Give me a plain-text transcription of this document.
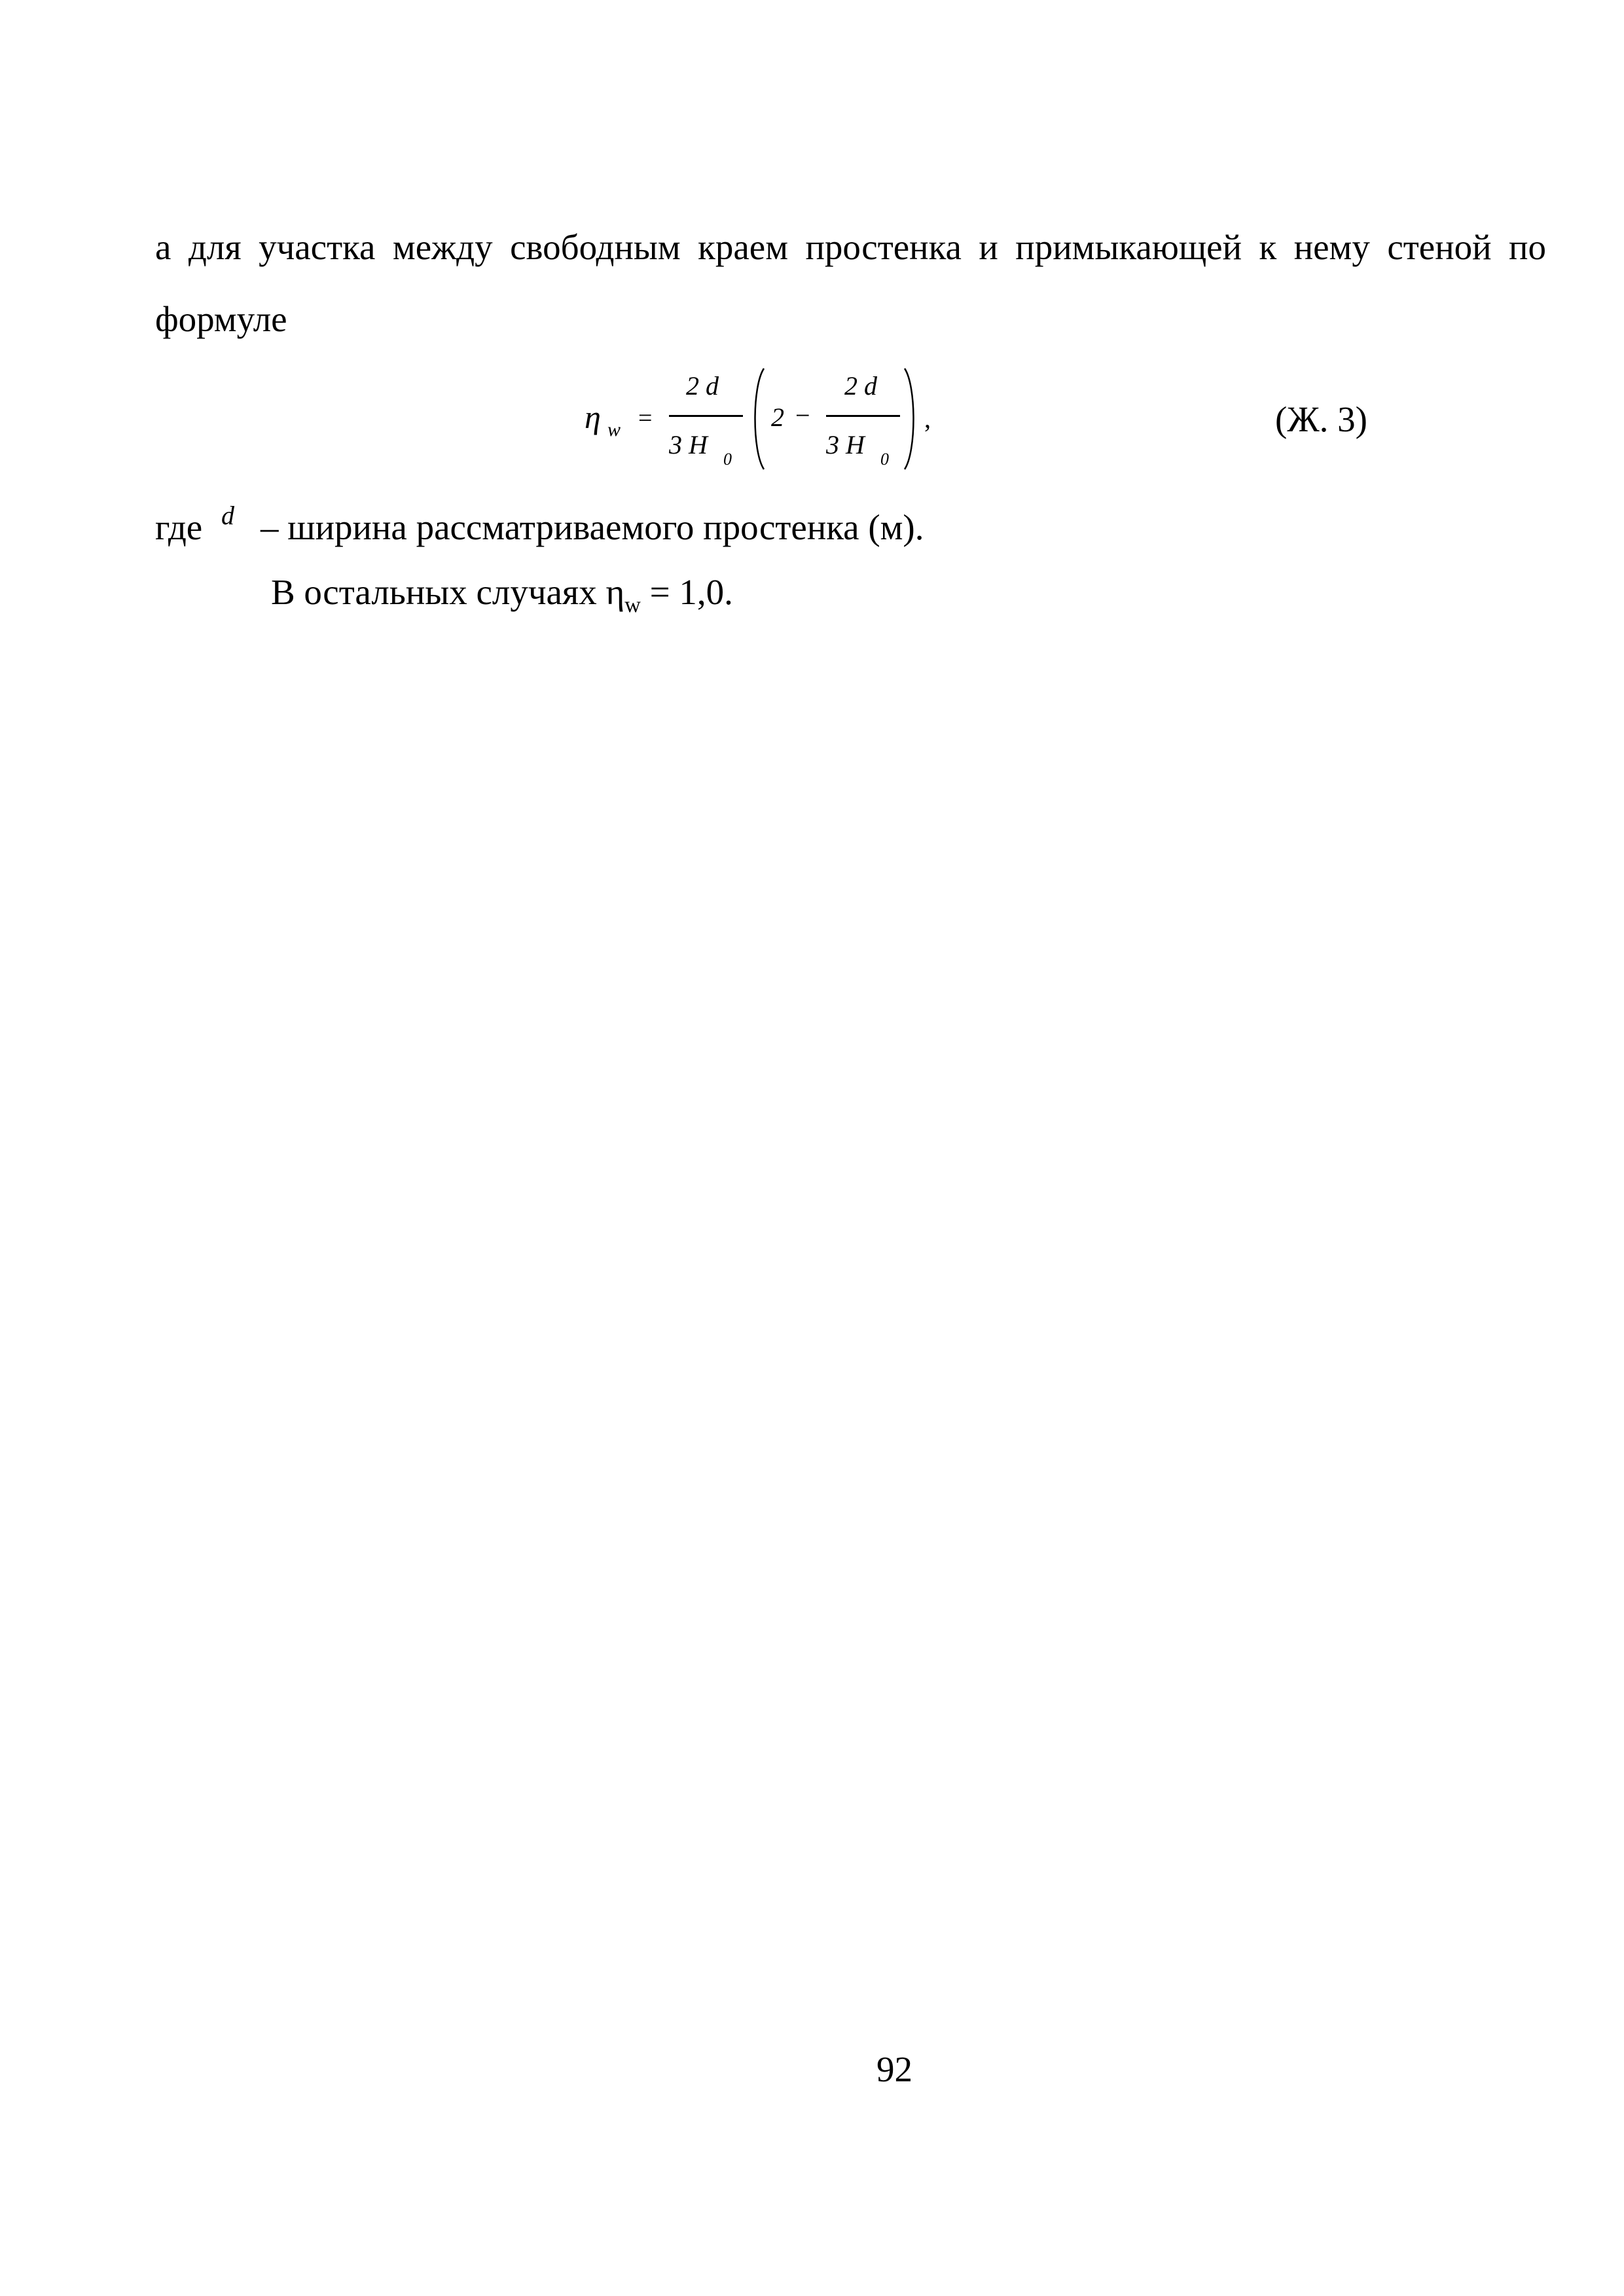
а для участка между свободным краем простенка и примыкающей к нему стеной по
формуле
η w =
2 d
3 H 0
2 −
2 d
3 H 0
,	(Ж. 3)
где d – ширина рассматриваемого простенка (м).
В остальных случаях $\eta_w = 1,0$.
92
